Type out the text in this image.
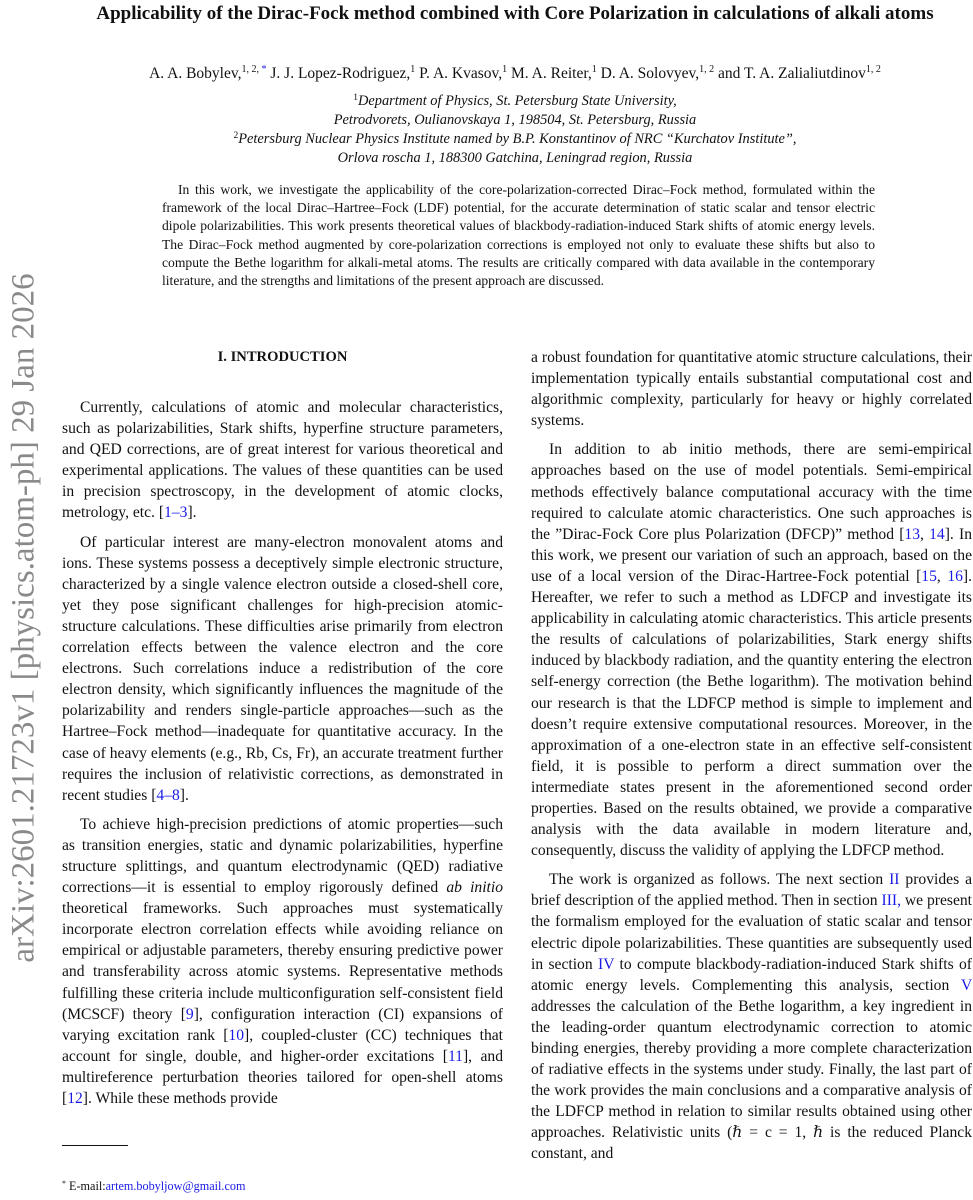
arXiv:2601.21723v1 [physics.atom-ph] 29 Jan 2026
Applicability of the Dirac-Fock method combined with Core Polarization in calculations of alkali atoms
A. A. Bobylev,$^{1, 2,}$ * J. J. Lopez-Rodriguez,$^1$ P. A. Kvasov,$^1$ M. A. Reiter,$^1$ D. A. Solovyev,$^{1, 2}$ and T. A. Zalialiutdinov$^{1, 2}$
$^1$Department of Physics, St. Petersburg State University,
Petrodvorets, Oulianovskaya 1, 198504, St. Petersburg, Russia
$^2$Petersburg Nuclear Physics Institute named by B.P. Konstantinov of NRC “Kurchatov Institute”,
Orlova roscha 1, 188300 Gatchina, Leningrad region, Russia

In this work, we investigate the applicability of the core-polarization-corrected Dirac–Fock method, formulated within the framework of the local Dirac–Hartree–Fock (LDF) potential, for the accurate determination of static scalar and tensor electric dipole polarizabilities. This work presents theoretical values of blackbody-radiation-induced Stark shifts of atomic energy levels. The Dirac–Fock method augmented by core-polarization corrections is employed not only to evaluate these shifts but also to compute the Bethe logarithm for alkali-metal atoms. The results are critically compared with data available in the contemporary literature, and the strengths and limitations of the present approach are discussed.

I. INTRODUCTION

Currently, calculations of atomic and molecular characteristics, such as polarizabilities, Stark shifts, hyperfine structure parameters, and QED corrections, are of great interest for various theoretical and experimental applications. The values of these quantities can be used in precision spectroscopy, in the development of atomic clocks, metrology, etc. [1–3].

Of particular interest are many-electron monovalent atoms and ions. These systems possess a deceptively simple electronic structure, characterized by a single valence electron outside a closed-shell core, yet they pose significant challenges for high-precision atomic-structure calculations. These difficulties arise primarily from electron correlation effects between the valence electron and the core electrons. Such correlations induce a redistribution of the core electron density, which significantly influences the magnitude of the polarizability and renders single-particle approaches—such as the Hartree–Fock method—inadequate for quantitative accuracy. In the case of heavy elements (e.g., Rb, Cs, Fr), an accurate treatment further requires the inclusion of relativistic corrections, as demonstrated in recent studies [4–8].

To achieve high-precision predictions of atomic properties—such as transition energies, static and dynamic polarizabilities, hyperfine structure splittings, and quantum electrodynamic (QED) radiative corrections—it is essential to employ rigorously defined ab initio theoretical frameworks. Such approaches must systematically incorporate electron correlation effects while avoiding reliance on empirical or adjustable parameters, thereby ensuring predictive power and transferability across atomic systems. Representative methods fulfilling these criteria include multiconfiguration self-consistent field (MCSCF) theory [9], configuration interaction (CI) expansions of varying excitation rank [10], coupled-cluster (CC) techniques that account for single, double, and higher-order excitations [11], and multireference perturbation theories tailored for open-shell atoms [12]. While these methods provide

a robust foundation for quantitative atomic structure calculations, their implementation typically entails substantial computational cost and algorithmic complexity, particularly for heavy or highly correlated systems.

In addition to ab initio methods, there are semi-empirical approaches based on the use of model potentials. Semi-empirical methods effectively balance computational accuracy with the time required to calculate atomic characteristics. One such approaches is the ”Dirac-Fock Core plus Polarization (DFCP)” method [13, 14]. In this work, we present our variation of such an approach, based on the use of a local version of the Dirac-Hartree-Fock potential [15, 16]. Hereafter, we refer to such a method as LDFCP and investigate its applicability in calculating atomic characteristics. This article presents the results of calculations of polarizabilities, Stark energy shifts induced by blackbody radiation, and the quantity entering the electron self-energy correction (the Bethe logarithm). The motivation behind our research is that the LDFCP method is simple to implement and doesn’t require extensive computational resources. Moreover, in the approximation of a one-electron state in an effective self-consistent field, it is possible to perform a direct summation over the intermediate states present in the aforementioned second order properties. Based on the results obtained, we provide a comparative analysis with the data available in modern literature and, consequently, discuss the validity of applying the LDFCP method.

The work is organized as follows. The next section II provides a brief description of the applied method. Then in section III, we present the formalism employed for the evaluation of static scalar and tensor electric dipole polarizabilities. These quantities are subsequently used in section IV to compute blackbody-radiation-induced Stark shifts of atomic energy levels. Complementing this analysis, section V addresses the calculation of the Bethe logarithm, a key ingredient in the leading-order quantum electrodynamic correction to atomic binding energies, thereby providing a more complete characterization of radiative effects in the systems under study. Finally, the last part of the work provides the main conclusions and a comparative analysis of the LDFCP method in relation to similar results obtained using other approaches. Relativistic units (ℏ = c = 1, ℏ is the reduced Planck constant, and

* E-mail:artem.bobyljow@gmail.com
